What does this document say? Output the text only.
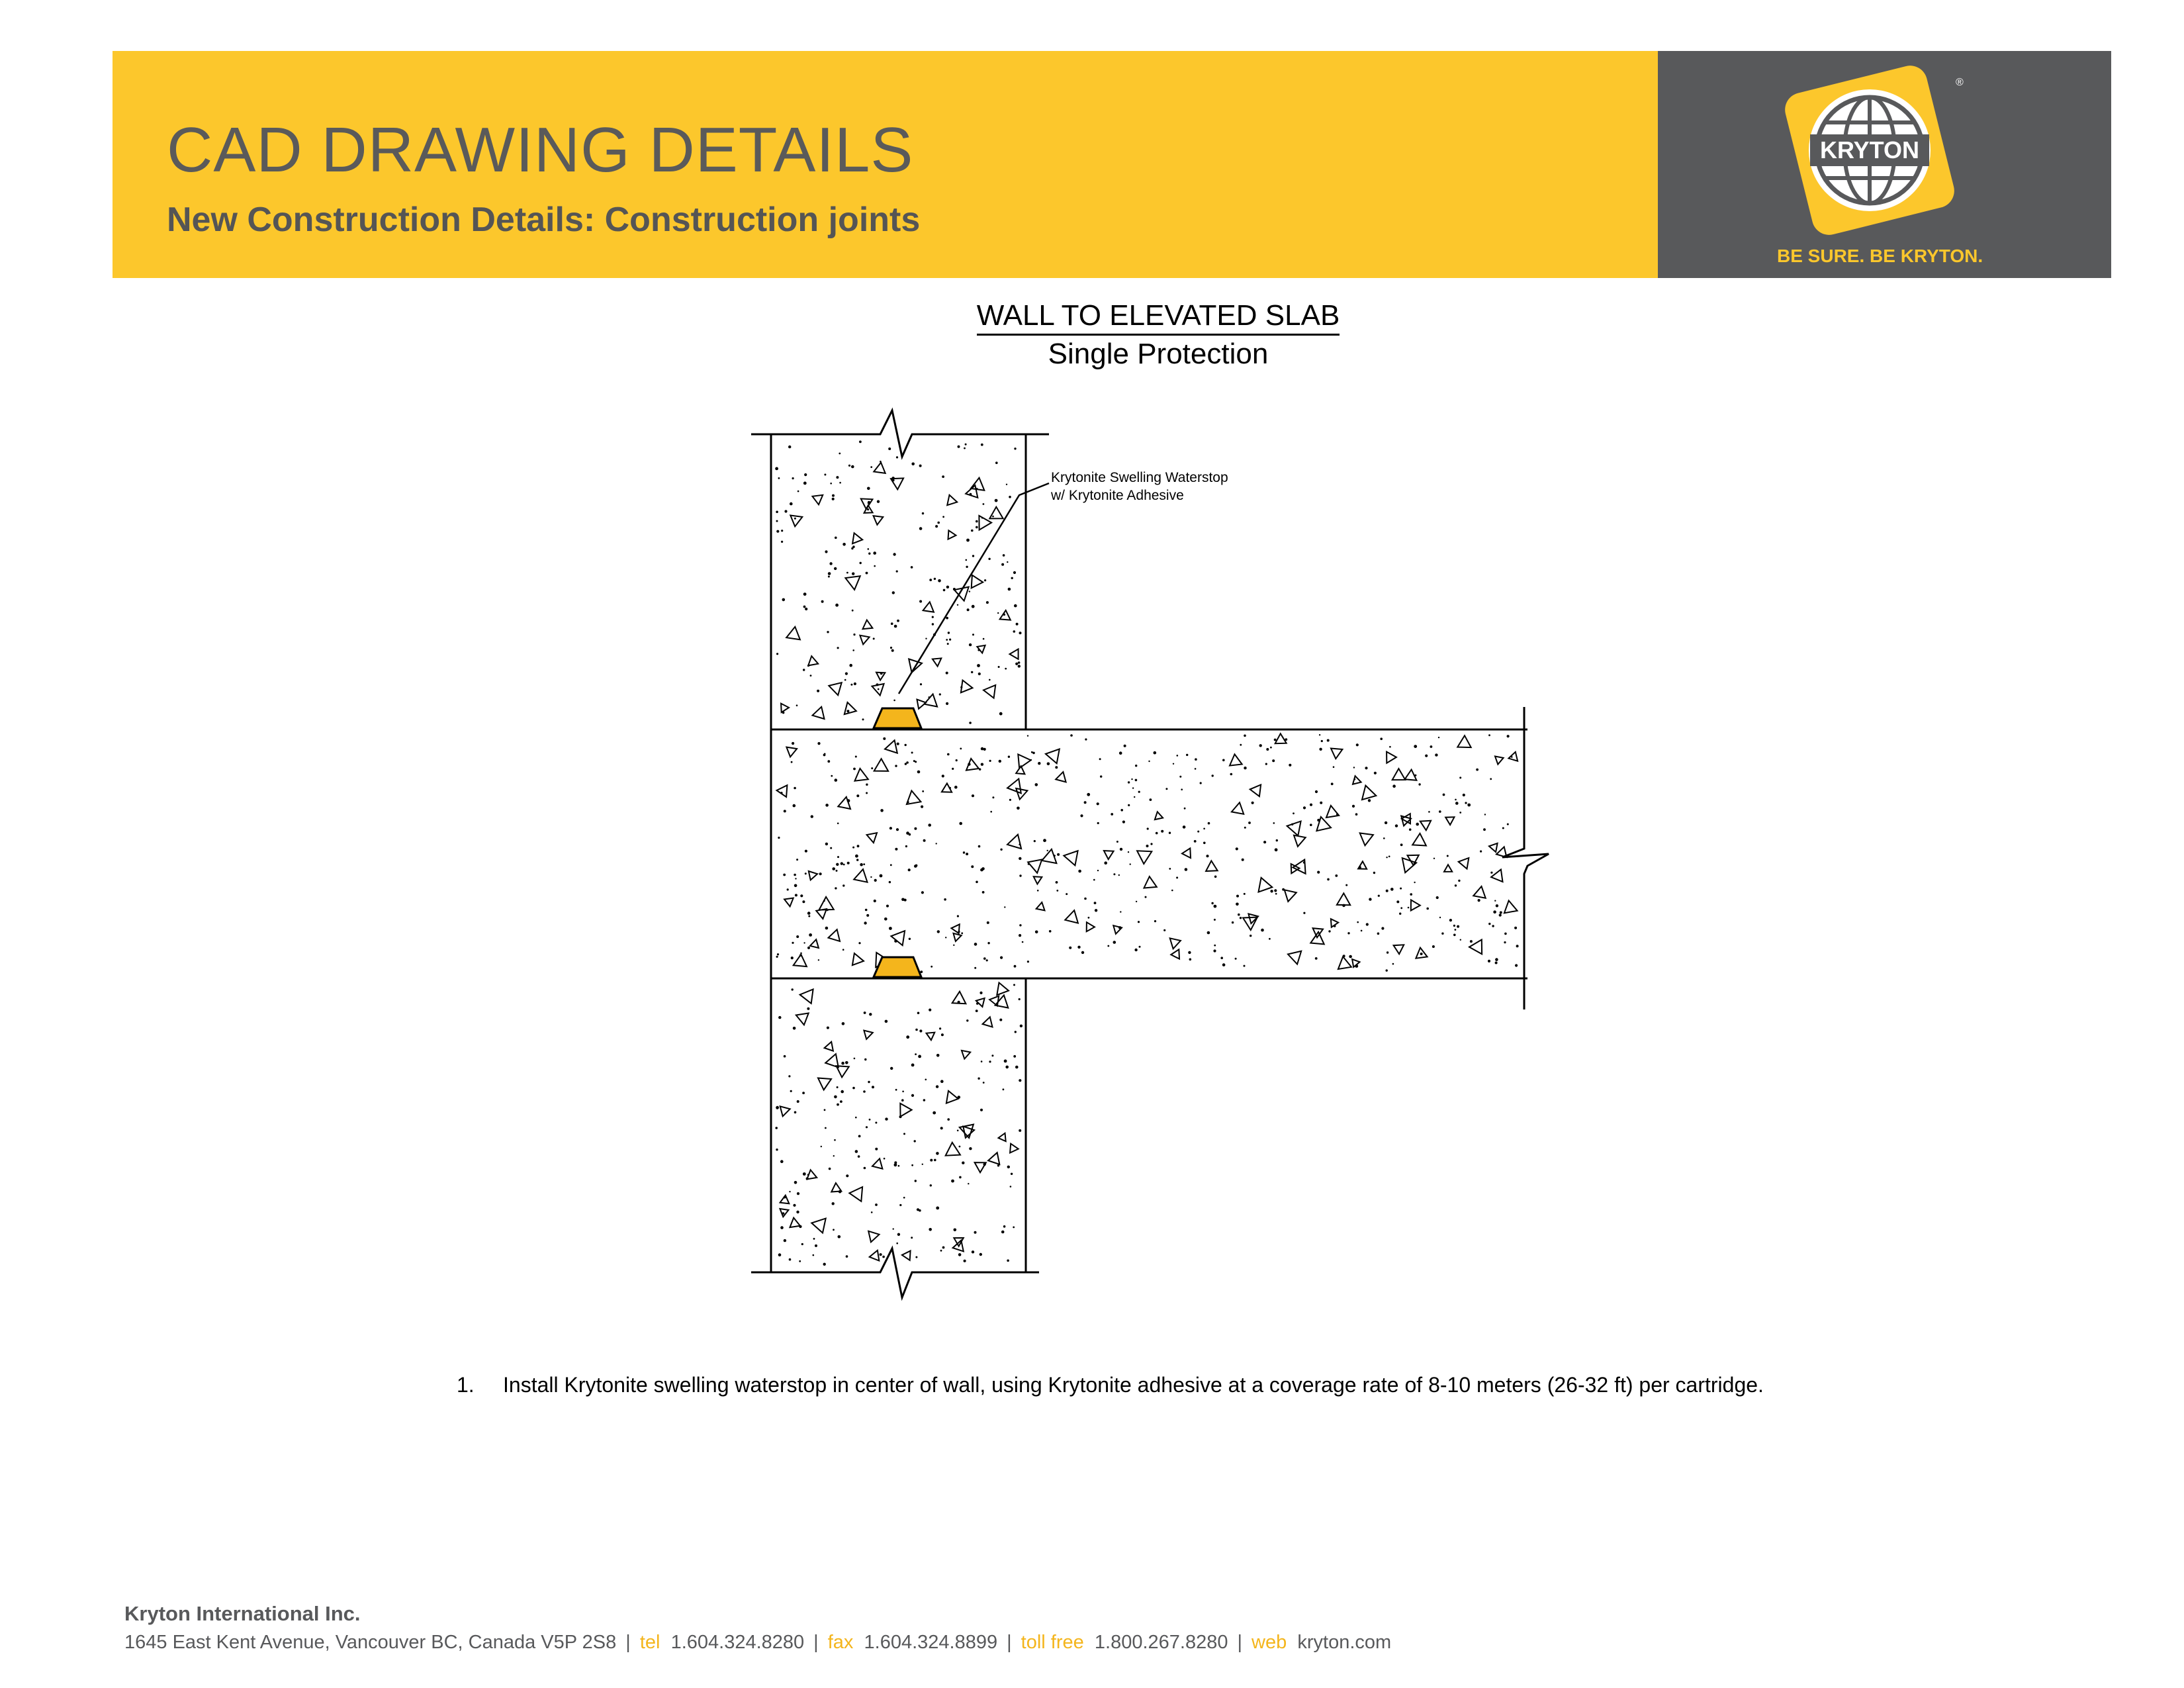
CAD DRAWING DETAILS
New Construction Details: Construction joints
KRYTON
®
BE SURE. BE KRYTON.
WALL TO ELEVATED SLAB
Single Protection
Krytonite Swelling Waterstop
w/ Krytonite Adhesive
1. Install Krytonite swelling waterstop in center of wall, using Krytonite adhesive at a coverage rate of 8-10 meters (26-32 ft) per cartridge.
Kryton International Inc.
1645 East Kent Avenue, Vancouver BC, Canada V5P 2S8 | tel 1.604.324.8280 | fax 1.604.324.8899 | toll free 1.800.267.8280 | web kryton.com
